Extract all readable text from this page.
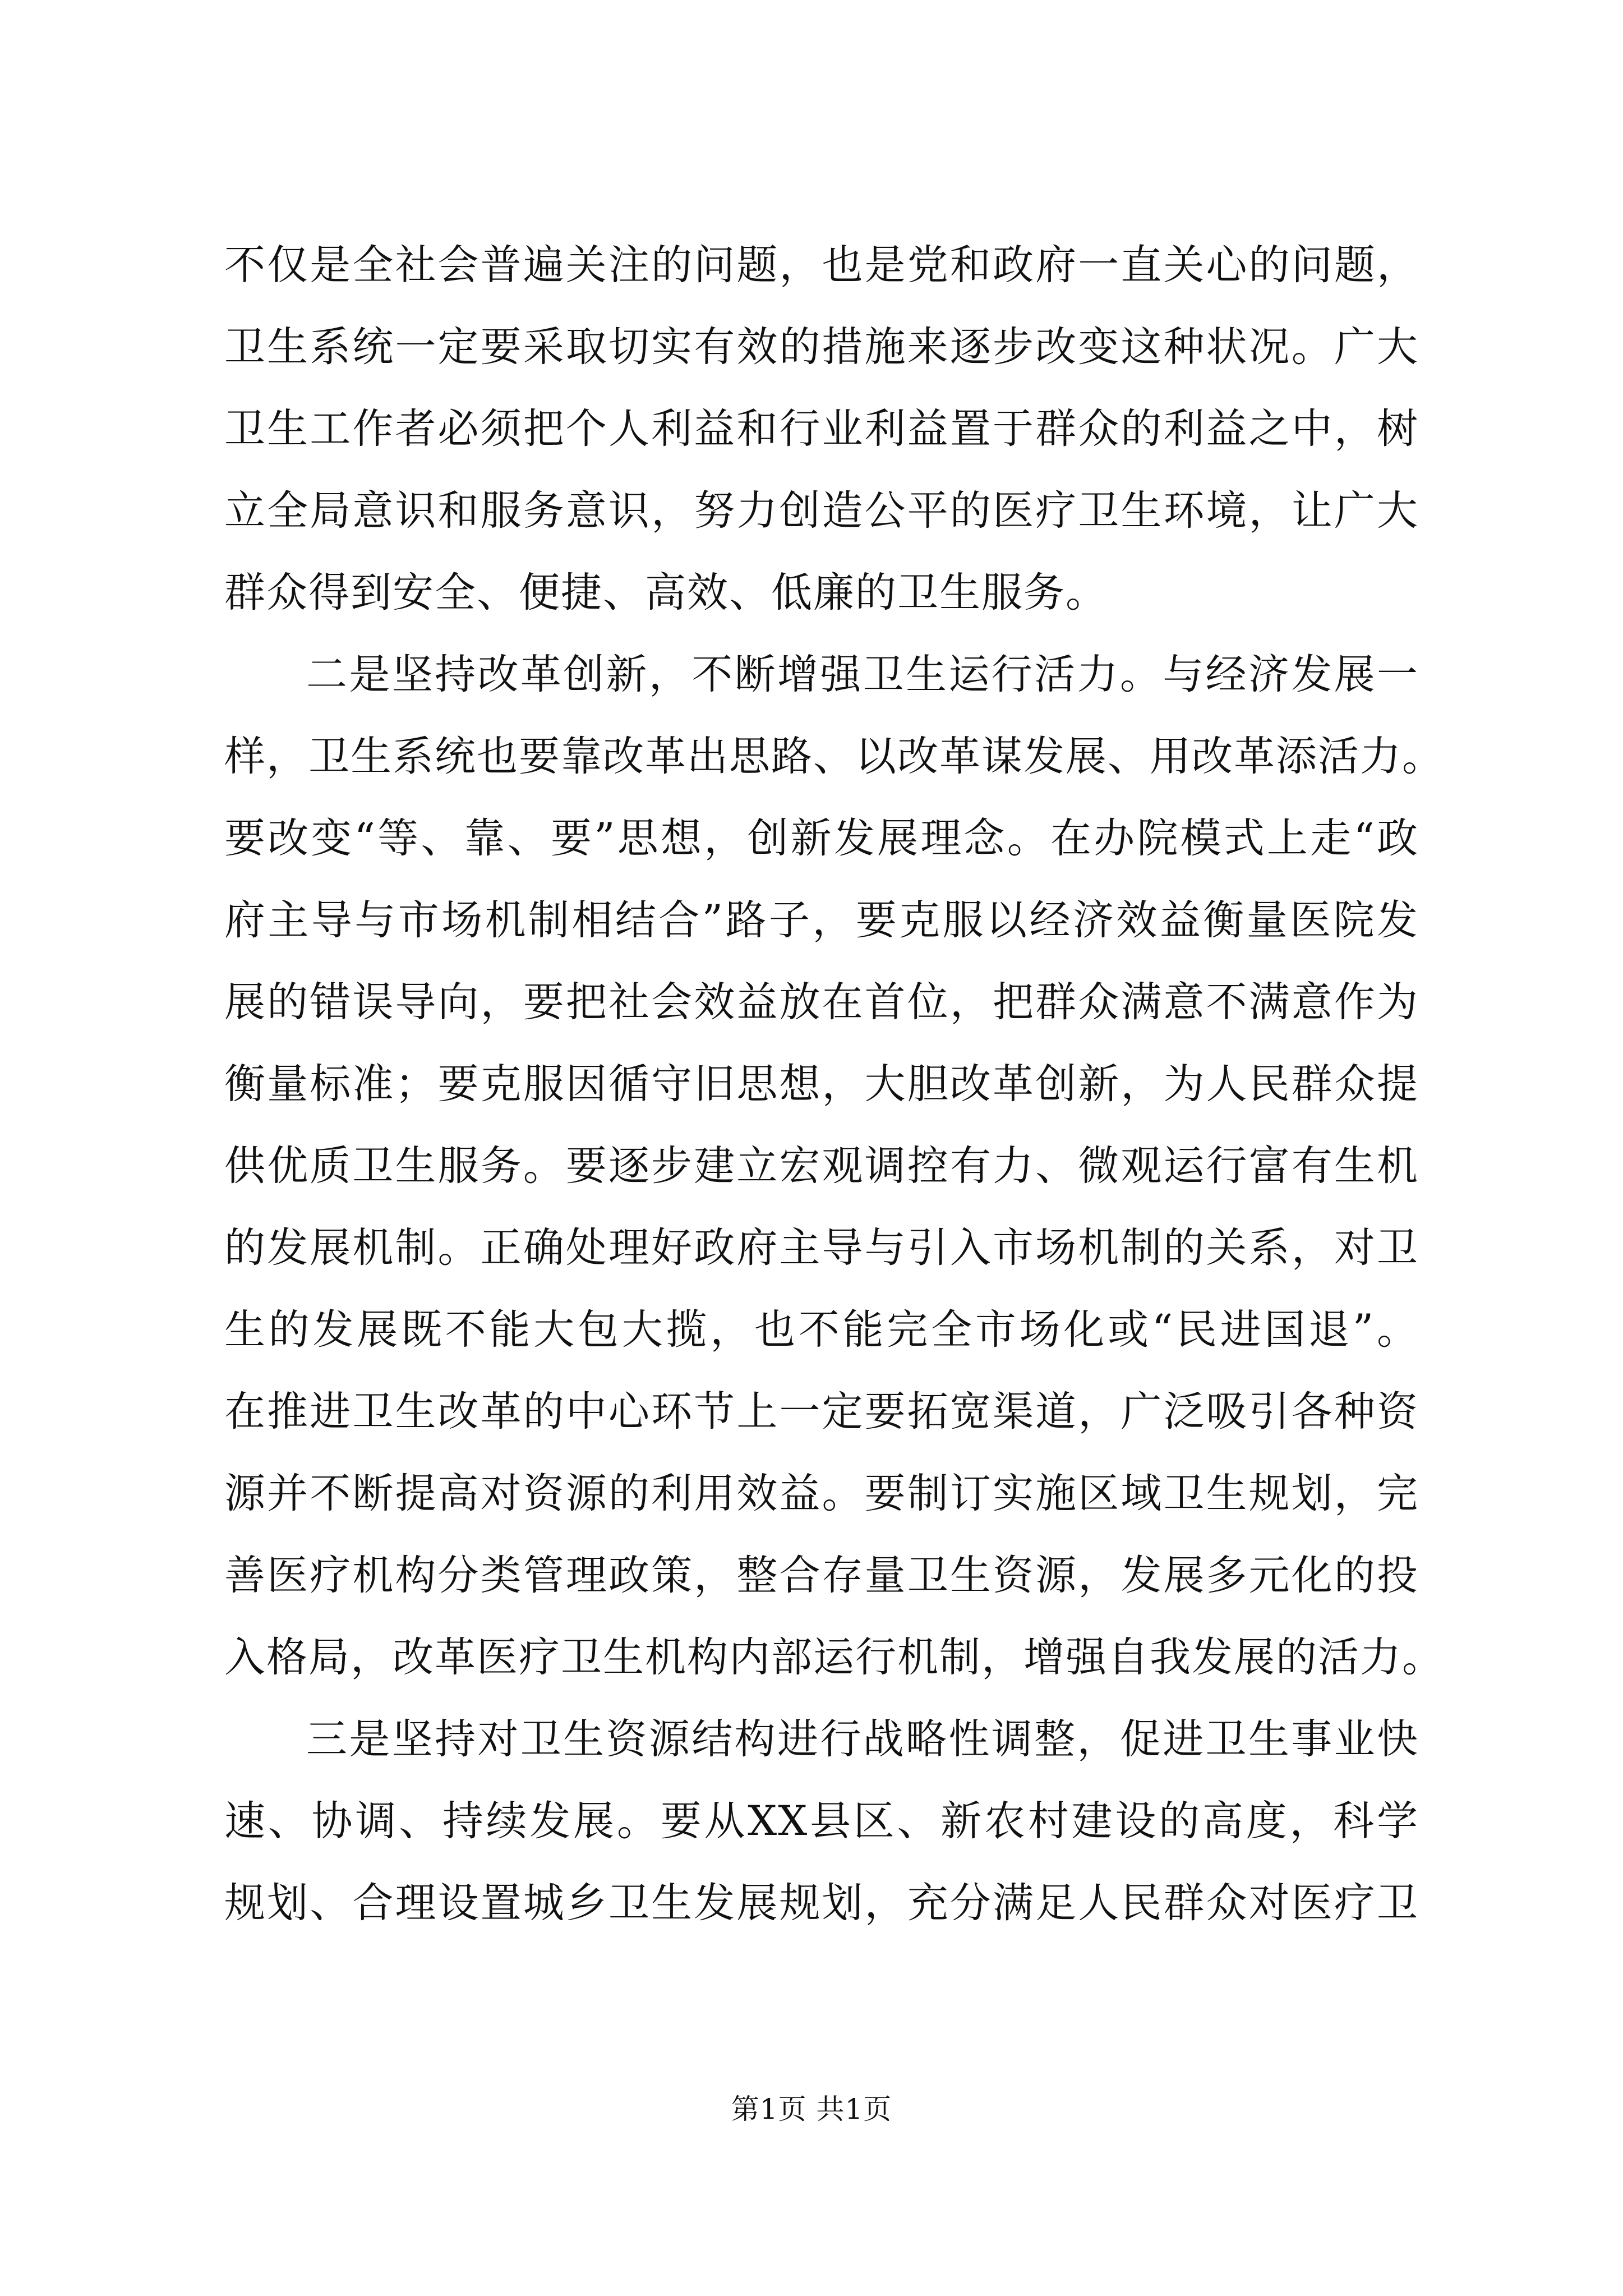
不仅是全社会普遍关注的问题，也是党和政府一直关心的问题，
卫生系统一定要采取切实有效的措施来逐步改变这种状况。广大
卫生工作者必须把个人利益和行业利益置于群众的利益之中，树
立全局意识和服务意识，努力创造公平的医疗卫生环境，让广大
群众得到安全、便捷、高效、低廉的卫生服务。
二是坚持改革创新，不断增强卫生运行活力。与经济发展一
样，卫生系统也要靠改革出思路、以改革谋发展、用改革添活力。
要改变“等、靠、要”思想，创新发展理念。在办院模式上走“政
府主导与市场机制相结合”路子，要克服以经济效益衡量医院发
展的错误导向，要把社会效益放在首位，把群众满意不满意作为
衡量标准；要克服因循守旧思想，大胆改革创新，为人民群众提
供优质卫生服务。要逐步建立宏观调控有力、微观运行富有生机
的发展机制。正确处理好政府主导与引入市场机制的关系，对卫
生的发展既不能大包大揽，也不能完全市场化或“民进国退”。
在推进卫生改革的中心环节上一定要拓宽渠道，广泛吸引各种资
源并不断提高对资源的利用效益。要制订实施区域卫生规划，完
善医疗机构分类管理政策，整合存量卫生资源，发展多元化的投
入格局，改革医疗卫生机构内部运行机制，增强自我发展的活力。
三是坚持对卫生资源结构进行战略性调整，促进卫生事业快
速、协调、持续发展。要从XX县区、新农村建设的高度，科学
规划、合理设置城乡卫生发展规划，充分满足人民群众对医疗卫
第1页 共1页
